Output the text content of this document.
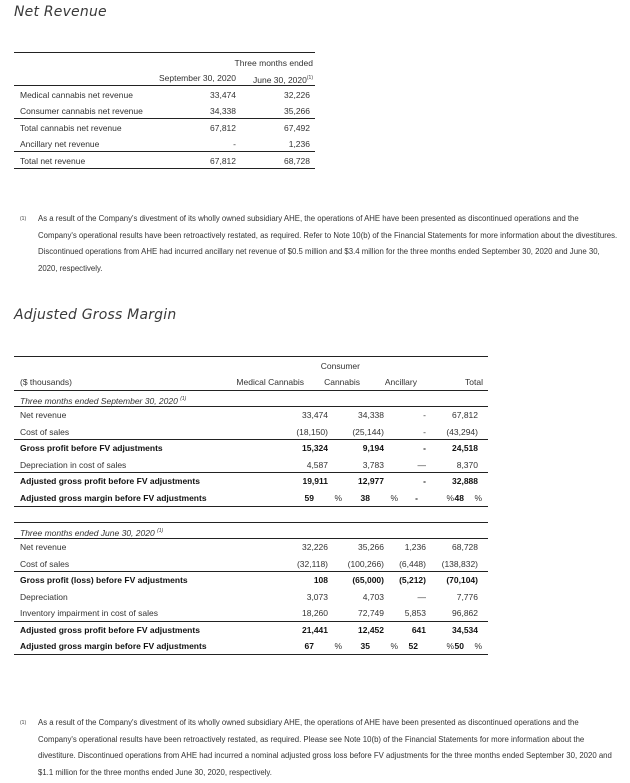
Net Revenue
Three months ended
September 30, 2020 June 30, 2020$^{(1)}$
Medical cannabis net revenue	33,474	32,226
Consumer cannabis net revenue	34,338	35,266
Total cannabis net revenue	67,812	67,492
Ancillary net revenue	-	1,236
Total net revenue	67,812	68,728
(1) As a result of the Company's divestment of its wholly owned subsidiary AHE, the operations of AHE have been presented as discontinued operations and the Company's operational results have been retroactively restated, as required. Refer to Note 10(b) of the Financial Statements for more information about the divestitures. Discontinued operations from AHE had incurred ancillary net revenue of $0.5 million and $3.4 million for the three months ended September 30, 2020 and June 30, 2020, respectively.
Adjusted Gross Margin
Consumer
($ thousands)	Medical Cannabis Cannabis	Ancillary	Total
Three months ended September 30, 2020 $^{(1)}$
Net revenue	33,474	34,338	-	67,812
Cost of sales	(18,150)	(25,144)	- (43,294)
Gross profit before FV adjustments	15,324	9,194	-	24,518
Depreciation in cost of sales	4,587	3,783	—	8,370
Adjusted gross profit before FV adjustments	19,911	12,977	-	32,888
Adjusted gross margin before FV adjustments	59 % 38 % -	% 48 %
Three months ended June 30, 2020 $^{(1)}$
Net revenue	32,226	35,266 1,236	68,728
Cost of sales	(32,118) (100,266) (6,448) (138,832)
Gross profit (loss) before FV adjustments	108	(65,000) (5,212) (70,104)
Depreciation	3,073	4,703	—	7,776
Inventory impairment in cost of sales	18,260	72,749 5,853	96,862
Adjusted gross profit before FV adjustments	21,441	12,452	641	34,534
Adjusted gross margin before FV adjustments	67 % 35 % 52	% 50 %
(1) As a result of the Company's divestment of its wholly owned subsidiary AHE, the operations of AHE have been presented as discontinued operations and the Company's operational results have been retroactively restated, as required. Please see Note 10(b) of the Financial Statements for more information about the divestiture. Discontinued operations from AHE had incurred a nominal adjusted gross loss before FV adjustments for the three months ended September 30, 2020 and $1.1 million for the three months ended June 30, 2020, respectively.
